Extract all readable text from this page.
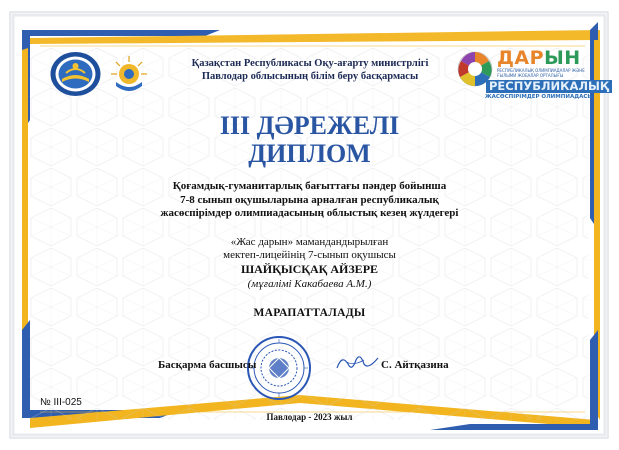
ДАРЫН
РЕСПУБЛИКАЛЫҚ ОЛИМПИАДАЛАР ЖӘНЕ ҒЫЛЫМИ ЖОБАЛАР ОРТАЛЫҒЫ
РЕСПУБЛИКАЛЫҚ
ЖАСӨСПІРІМДЕР ОЛИМПИАДАСЫ
Қазақстан Республикасы Оқу-ағарту министрлігі
Павлодар облысының білім беру басқармасы
III ДӘРЕЖЕЛІ
ДИПЛОМ
Қоғамдық-гуманитарлық бағыттағы пәндер бойынша
7-8 сынып оқушыларына арналған республикалық
жасөспірімдер олимпиадасының облыстық кезең жүлдегері
«Жас дарын» мамандандырылған
мектеп-лицейінің 7-сынып оқушысы
ШАЙҚЫСҚАҚ АЙЗЕРЕ
(мұғалімі Какабаева А.М.)
МАРАПАТТАЛАДЫ
Басқарма басшысы	С. Айтқазина
№ III-025
Павлодар - 2023 жыл
